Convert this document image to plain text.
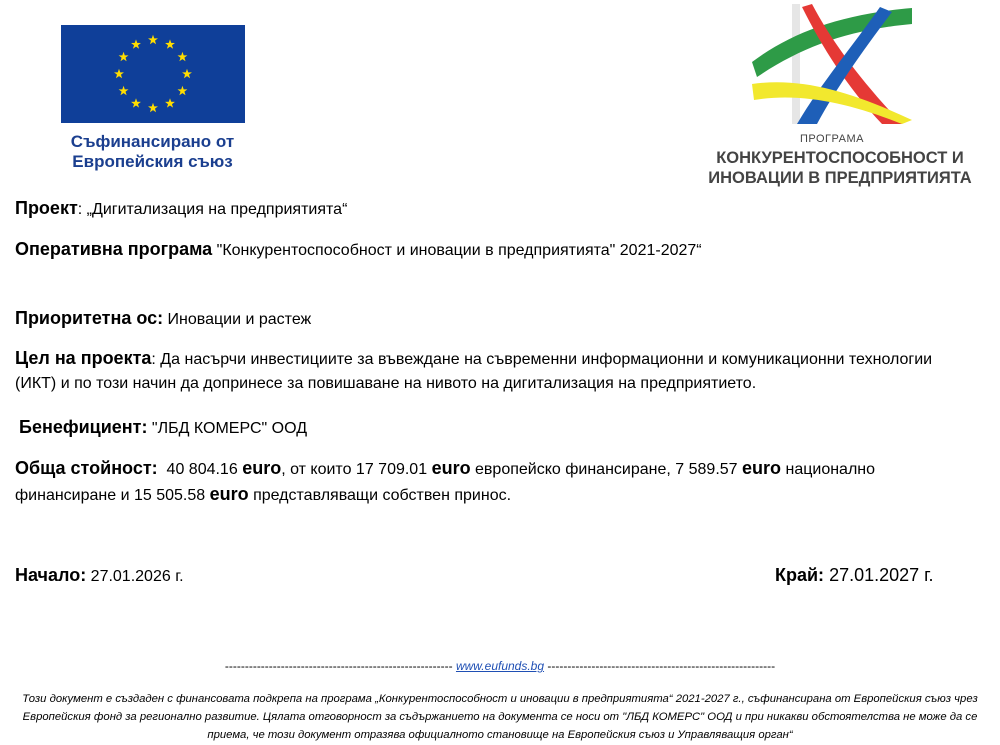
Съфинансирано от
Европейския съюз
ПРОГРАМА
КОНКУРЕНТОСПОСОБНОСТ И
ИНОВАЦИИ В ПРЕДПРИЯТИЯТА
Проект: „Дигитализация на предприятията“
Оперативна програма "Конкурентоспособност и иновации в предприятията" 2021-2027“
Приоритетна ос: Иновации и растеж
Цел на проекта: Да насърчи инвестициите за въвеждане на съвременни информационни и комуникационни технологии (ИКТ) и по този начин да допринесе за повишаване на нивото на дигитализация на предприятието.
Бенефициент: "ЛБД КОМЕРС" ООД
Обща стойност: 40 804.16 euro, от които 17 709.01 euro европейско финансиране, 7 589.57 euro национално финансиране и 15 505.58 euro представляващи собствен принос.
Начало: 27.01.2026 г.	Край: 27.01.2027 г.
--------------------------------------------------------- www.eufunds.bg ---------------------------------------------------------
Този документ е създаден с финансовата подкрепа на програма „Конкурентоспособност и иновации в предприятията“ 2021-2027 г., съфинансирана от Европейския съюз чрез Европейския фонд за регионално развитие. Цялата отговорност за съдържанието на документа се носи от "ЛБД КОМЕРС" ООД и при никакви обстоятелства не може да се приема, че този документ отразява официалното становище на Европейския съюз и Управляващия орган“
